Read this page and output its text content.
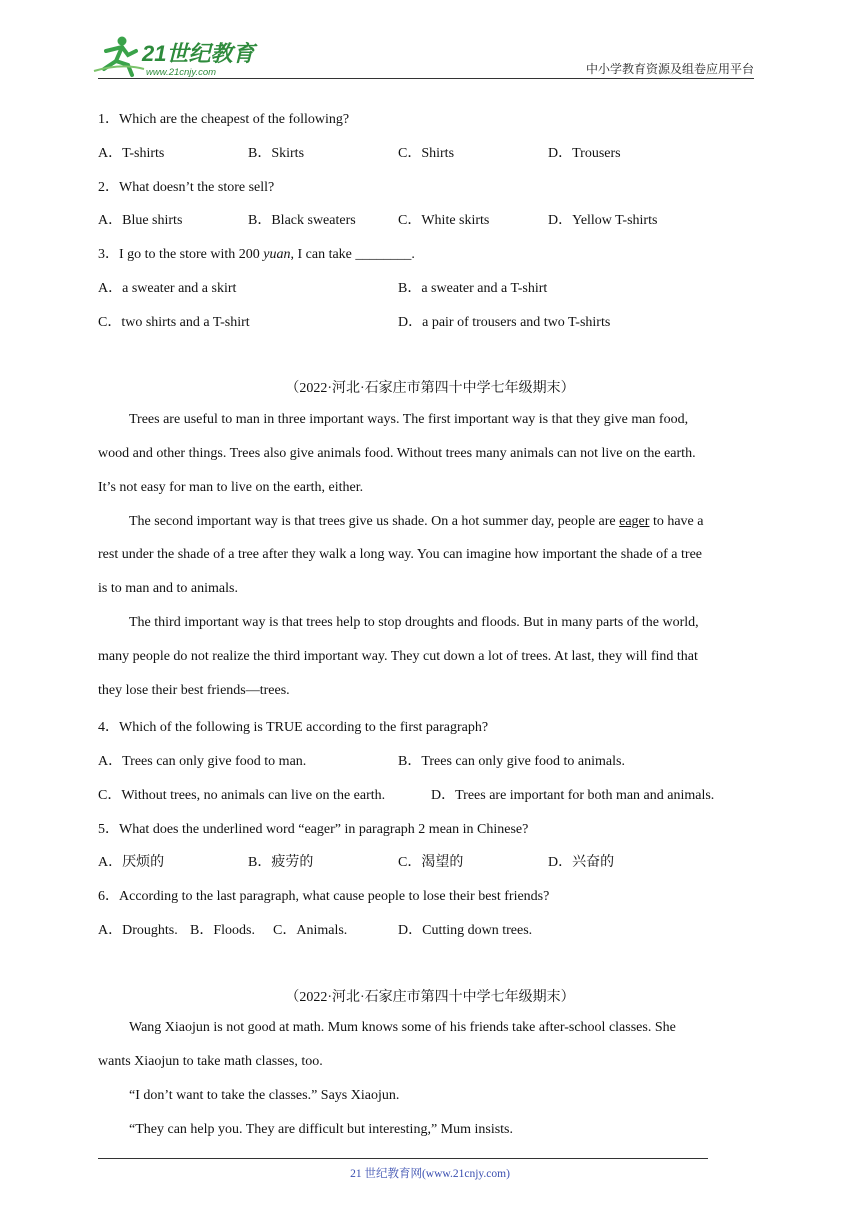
21世纪教育
www.21cnjy.com	中小学教育资源及组卷应用平台
1．Which are the cheapest of the following?
A．T-shirts	B．Skirts	C．Shirts	D．Trousers
2．What doesn’t the store sell?
A．Blue shirts	B．Black sweaters	C．White skirts	D．Yellow T-shirts
3．I go to the store with 200 yuan, I can take ________.
A．a sweater and a skirt	B．a sweater and a T-shirt
C．two shirts and a T-shirt	D．a pair of trousers and two T-shirts
（2022·河北·石家庄市第四十中学七年级期末）
Trees are useful to man in three important ways. The first important way is that they give man food,
wood and other things. Trees also give animals food. Without trees many animals can not live on the earth.
It’s not easy for man to live on the earth, either.
The second important way is that trees give us shade. On a hot summer day, people are eager to have a
rest under the shade of a tree after they walk a long way. You can imagine how important the shade of a tree
is to man and to animals.
The third important way is that trees help to stop droughts and floods. But in many parts of the world,
many people do not realize the third important way. They cut down a lot of trees. At last, they will find that
they lose their best friends—trees.
4．Which of the following is TRUE according to the first paragraph?
A．Trees can only give food to man.	B．Trees can only give food to animals.
C．Without trees, no animals can live on the earth.	D．Trees are important for both man and animals.
5．What does the underlined word “eager” in paragraph 2 mean in Chinese?
A．厌烦的	B．疲劳的	C．渴望的	D．兴奋的
6．According to the last paragraph, what cause people to lose their best friends?
A．Droughts. B．Floods. C．Animals.	D．Cutting down trees.
（2022·河北·石家庄市第四十中学七年级期末）
Wang Xiaojun is not good at math. Mum knows some of his friends take after-school classes. She
wants Xiaojun to take math classes, too.
“I don’t want to take the classes.” Says Xiaojun.
“They can help you. They are difficult but interesting,” Mum insists.
21 世纪教育网(www.21cnjy.com)
